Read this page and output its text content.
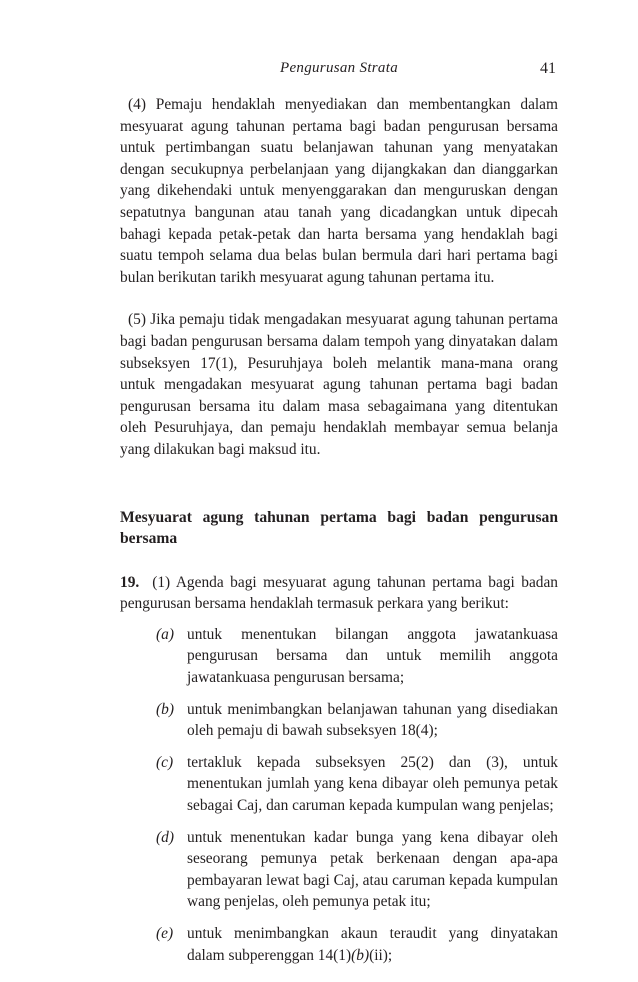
Pengurusan Strata	41

(4) Pemaju hendaklah menyediakan dan membentangkan dalam mesyuarat agung tahunan pertama bagi badan pengurusan bersama untuk pertimbangan suatu belanjawan tahunan yang menyatakan dengan secukupnya perbelanjaan yang dijangkakan dan dianggarkan yang dikehendaki untuk menyenggarakan dan menguruskan dengan sepatutnya bangunan atau tanah yang dicadangkan untuk dipecah bahagi kepada petak-petak dan harta bersama yang hendaklah bagi suatu tempoh selama dua belas bulan bermula dari hari pertama bagi bulan berikutan tarikh mesyuarat agung tahunan pertama itu.

(5) Jika pemaju tidak mengadakan mesyuarat agung tahunan pertama bagi badan pengurusan bersama dalam tempoh yang dinyatakan dalam subseksyen 17(1), Pesuruhjaya boleh melantik mana-mana orang untuk mengadakan mesyuarat agung tahunan pertama bagi badan pengurusan bersama itu dalam masa sebagaimana yang ditentukan oleh Pesuruhjaya, dan pemaju hendaklah membayar semua belanja yang dilakukan bagi maksud itu.

Mesyuarat agung tahunan pertama bagi badan pengurusan bersama

19. (1) Agenda bagi mesyuarat agung tahunan pertama bagi badan pengurusan bersama hendaklah termasuk perkara yang berikut:

(a) untuk menentukan bilangan anggota jawatankuasa pengurusan bersama dan untuk memilih anggota jawatankuasa pengurusan bersama;
(b) untuk menimbangkan belanjawan tahunan yang disediakan oleh pemaju di bawah subseksyen 18(4);
(c) tertakluk kepada subseksyen 25(2) dan (3), untuk menentukan jumlah yang kena dibayar oleh pemunya petak sebagai Caj, dan caruman kepada kumpulan wang penjelas;
(d) untuk menentukan kadar bunga yang kena dibayar oleh seseorang pemunya petak berkenaan dengan apa-apa pembayaran lewat bagi Caj, atau caruman kepada kumpulan wang penjelas, oleh pemunya petak itu;
(e) untuk menimbangkan akaun teraudit yang dinyatakan dalam subperenggan 14(1)(b)(ii);
